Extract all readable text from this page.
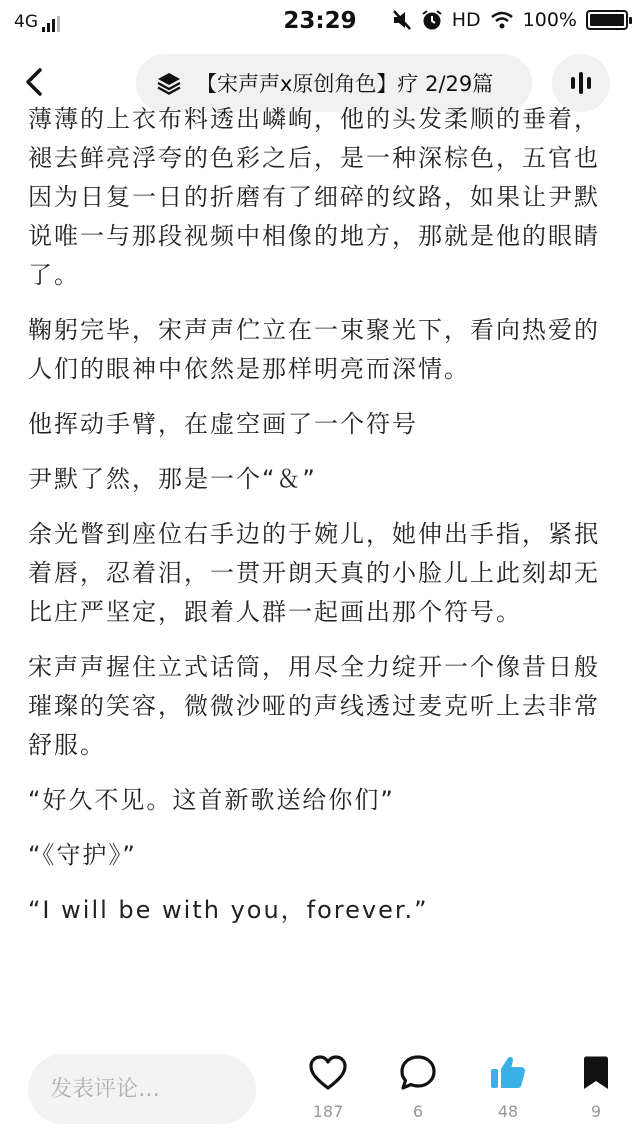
4G	23:29	HD 100%
【宋声声x原创角色】疗 2/29篇

薄薄的上衣布料透出嶙峋，他的头发柔顺的垂着，褪去鲜亮浮夸的色彩之后，是一种深棕色，五官也因为日复一日的折磨有了细碎的纹路，如果让尹默说唯一与那段视频中相像的地方，那就是他的眼睛了。

鞠躬完毕，宋声声伫立在一束聚光下，看向热爱的人们的眼神中依然是那样明亮而深情。

他挥动手臂，在虚空画了一个符号

尹默了然，那是一个“＆”

余光瞥到座位右手边的于婉儿，她伸出手指，紧抿着唇，忍着泪，一贯开朗天真的小脸儿上此刻却无比庄严坚定，跟着人群一起画出那个符号。

宋声声握住立式话筒，用尽全力绽开一个像昔日般璀璨的笑容，微微沙哑的声线透过麦克听上去非常舒服。

“好久不见。这首新歌送给你们”

“《守护》”

“I will be with you，forever.”

发表评论…
187	6	48	9
